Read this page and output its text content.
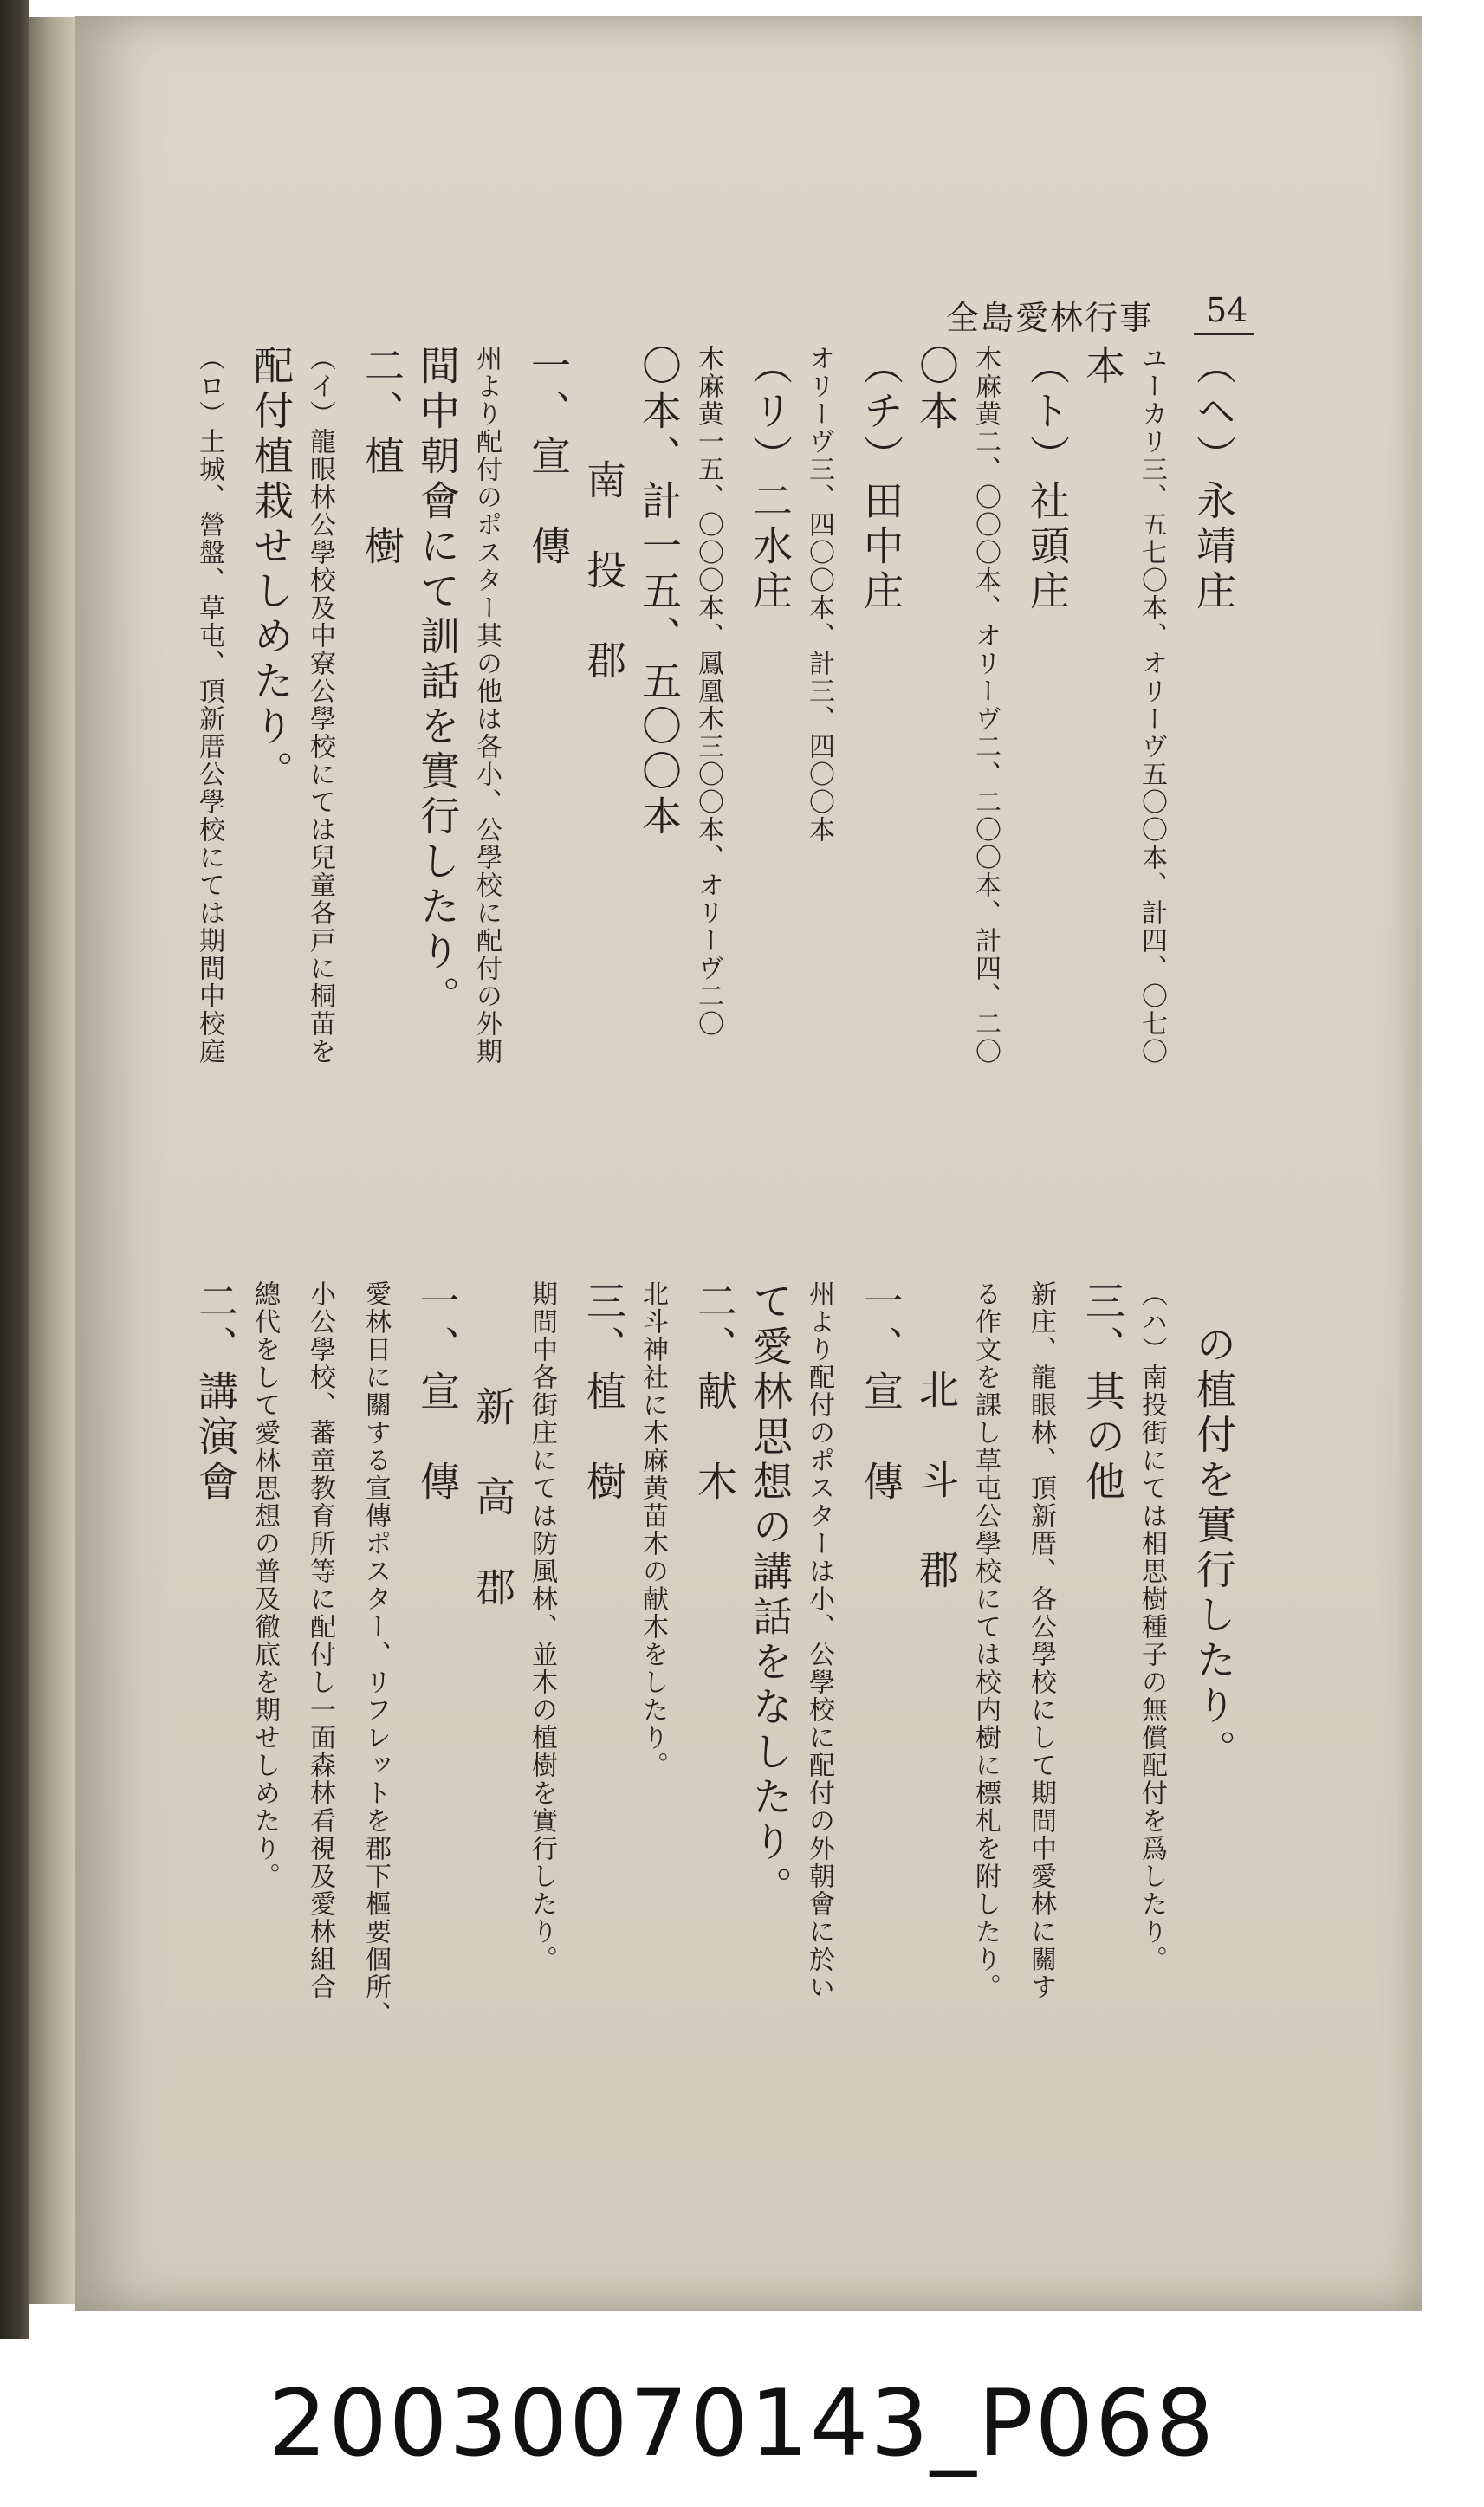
全島愛林行事 54
（ヘ）永靖庄
ユーカリ三、五七〇本、オリーヴ五〇〇本、計四、〇七〇
本
（ト）社頭庄
木麻黄二、〇〇〇本、オリーヴ二、二〇〇本、計四、二〇
〇本
（チ）田中庄
オリーヴ三、四〇〇本、計三、四〇〇本
（リ）二水庄
木麻黄一五、〇〇〇本、鳳凰木三〇〇本、オリーヴ二〇
〇本、計一五、五〇〇本
南　投　郡
一、宣　傳
州より配付のポスター其の他は各小、公學校に配付の外期
間中朝會にて訓話を實行したり。
二、植　樹
（イ）龍眼林公學校及中寮公學校にては兒童各戸に桐苗を
配付植栽せしめたり。
（ロ）土城、營盤、草屯、頂新厝公學校にては期間中校庭
の植付を實行したり。
（ハ）南投街にては相思樹種子の無償配付を爲したり。
三、其の他
新庄、龍眼林、頂新厝、各公學校にして期間中愛林に關す
る作文を課し草屯公學校にては校内樹に標札を附したり。
北　斗　郡
一、宣　傳
州より配付のポスターは小、公學校に配付の外朝會に於い
て愛林思想の講話をなしたり。
二、献　木
北斗神社に木麻黄苗木の献木をしたり。
三、植　樹
期間中各街庄にては防風林、並木の植樹を實行したり。
新　高　郡
一、宣　傳
愛林日に關する宣傳ポスター、リフレットを郡下樞要個所、
小公學校、蕃童教育所等に配付し一面森林看視及愛林組合
總代をして愛林思想の普及徹底を期せしめたり。
二、講演會
20030070143_P068
